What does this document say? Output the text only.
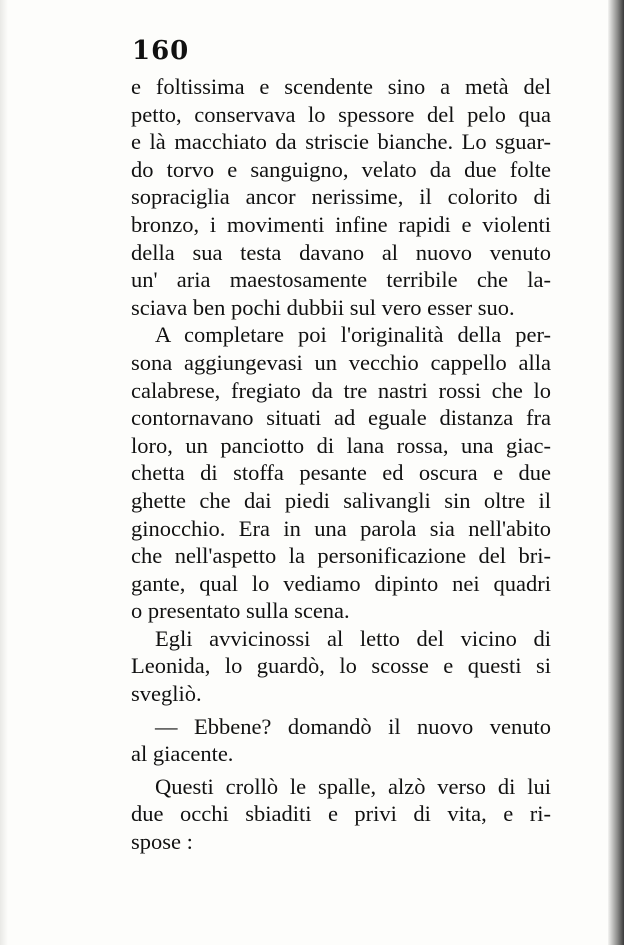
160
e foltissima e scendente sino a metà del
petto, conservava lo spessore del pelo qua
e là macchiato da striscie bianche. Lo sguar-
do torvo e sanguigno, velato da due folte
sopraciglia ancor nerissime, il colorito di
bronzo, i movimenti infine rapidi e violenti
della sua testa davano al nuovo venuto
un' aria maestosamente terribile che la-
sciava ben pochi dubbii sul vero esser suo.
A completare poi l'originalità della per-
sona aggiungevasi un vecchio cappello alla
calabrese, fregiato da tre nastri rossi che lo
contornavano situati ad eguale distanza fra
loro, un panciotto di lana rossa, una giac-
chetta di stoffa pesante ed oscura e due
ghette che dai piedi salivangli sin oltre il
ginocchio. Era in una parola sia nell'abito
che nell'aspetto la personificazione del bri-
gante, qual lo vediamo dipinto nei quadri
o presentato sulla scena.
Egli avvicinossi al letto del vicino di
Leonida, lo guardò, lo scosse e questi si
svegliò.
— Ebbene? domandò il nuovo venuto
al giacente.
Questi crollò le spalle, alzò verso di lui
due occhi sbiaditi e privi di vita, e ri-
spose :
